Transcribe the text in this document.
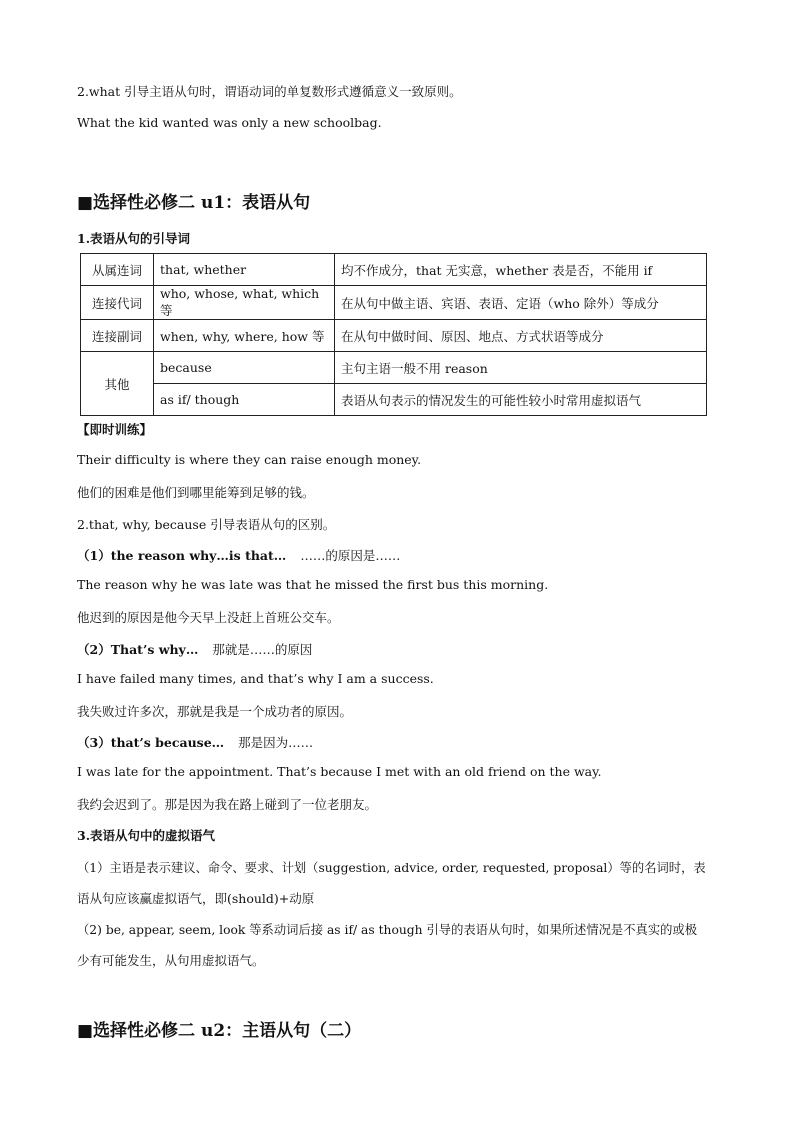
2.what 引导主语从句时，谓语动词的单复数形式遵循意义一致原则。
What the kid wanted was only a new schoolbag.
■选择性必修二 u1：表语从句
1.表语从句的引导词
从属连词	that, whether	均不作成分，that 无实意，whether 表是否，不能用 if
连接代词	who, whose, what, which 等	在从句中做主语、宾语、表语、定语（who 除外）等成分
连接副词	when, why, where, how 等	在从句中做时间、原因、地点、方式状语等成分
其他	because	主句主语一般不用 reason
	as if/ though	表语从句表示的情况发生的可能性较小时常用虚拟语气
【即时训练】
Their difficulty is where they can raise enough money.
他们的困难是他们到哪里能筹到足够的钱。
2.that, why, because 引导表语从句的区别。
（1）the reason why…is that… ……的原因是……
The reason why he was late was that he missed the first bus this morning.
他迟到的原因是他今天早上没赶上首班公交车。
（2）That’s why… 那就是……的原因
I have failed many times, and that’s why I am a success.
我失败过许多次，那就是我是一个成功者的原因。
（3）that’s because… 那是因为……
I was late for the appointment. That’s because I met with an old friend on the way.
我约会迟到了。那是因为我在路上碰到了一位老朋友。
3.表语从句中的虚拟语气
（1）主语是表示建议、命令、要求、计划（suggestion, advice, order, requested, proposal）等的名词时，表
语从句应该赢虚拟语气，即(should)+动原
（2) be, appear, seem, look 等系动词后接 as if/ as though 引导的表语从句时，如果所述情况是不真实的或极
少有可能发生，从句用虚拟语气。
■选择性必修二 u2：主语从句（二）
